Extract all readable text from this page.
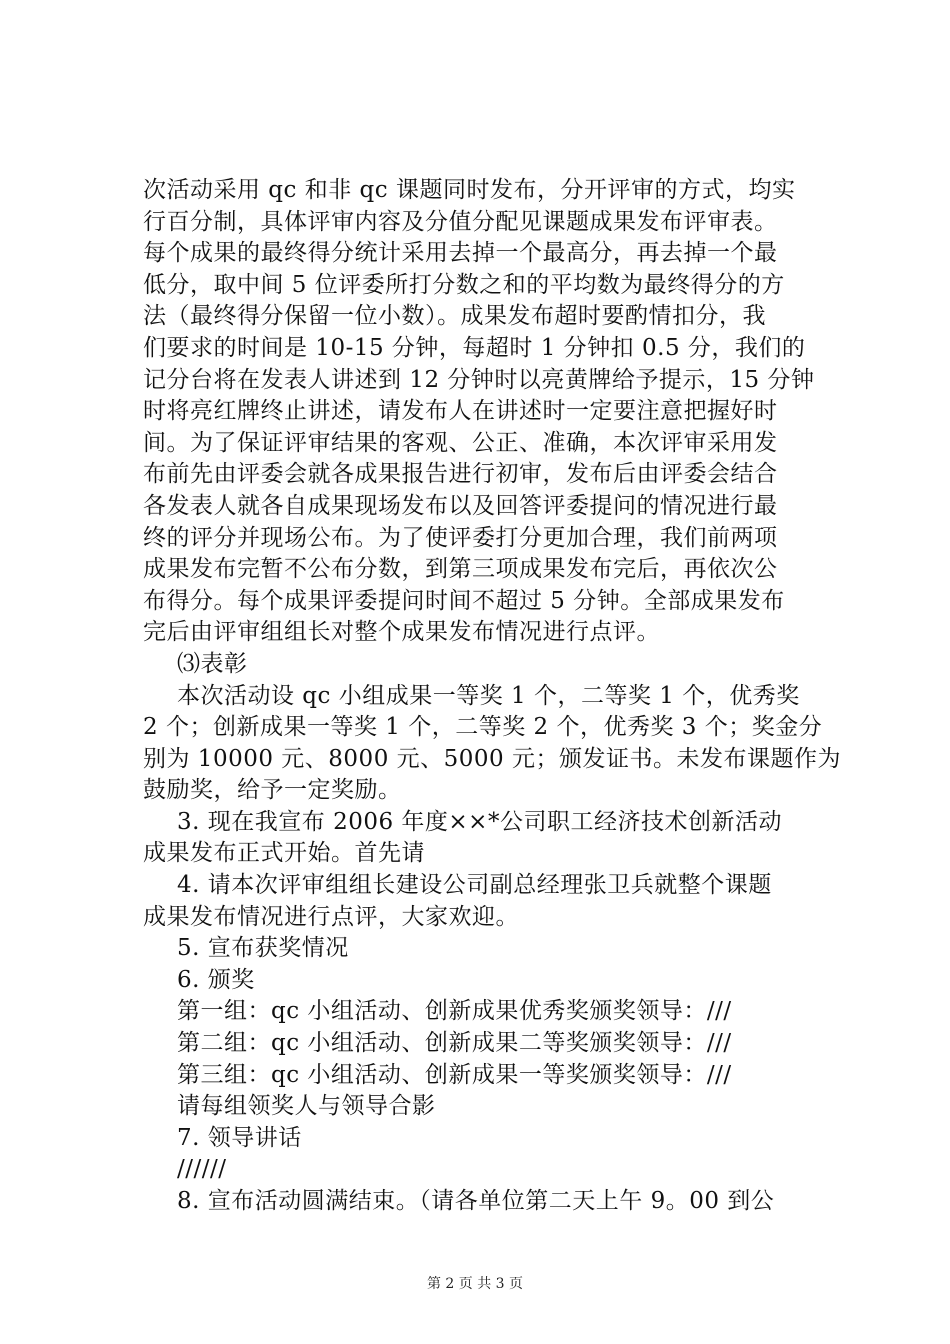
次活动采用 qc 和非 qc 课题同时发布，分开评审的方式，均实
行百分制，具体评审内容及分值分配见课题成果发布评审表。
每个成果的最终得分统计采用去掉一个最高分，再去掉一个最
低分，取中间 5 位评委所打分数之和的平均数为最终得分的方
法（最终得分保留一位小数）。成果发布超时要酌情扣分，我
们要求的时间是 10-15 分钟，每超时 1 分钟扣 0.5 分，我们的
记分台将在发表人讲述到 12 分钟时以亮黄牌给予提示，15 分钟
时将亮红牌终止讲述，请发布人在讲述时一定要注意把握好时
间。为了保证评审结果的客观、公正、准确，本次评审采用发
布前先由评委会就各成果报告进行初审，发布后由评委会结合
各发表人就各自成果现场发布以及回答评委提问的情况进行最
终的评分并现场公布。为了使评委打分更加合理，我们前两项
成果发布完暂不公布分数，到第三项成果发布完后，再依次公
布得分。每个成果评委提问时间不超过 5 分钟。全部成果发布
完后由评审组组长对整个成果发布情况进行点评。
⑶表彰
本次活动设 qc 小组成果一等奖 1 个，二等奖 1 个，优秀奖
2 个；创新成果一等奖 1 个，二等奖 2 个，优秀奖 3 个；奖金分
别为 10000 元、8000 元、5000 元；颁发证书。未发布课题作为
鼓励奖，给予一定奖励。
3. 现在我宣布 2006 年度××*公司职工经济技术创新活动
成果发布正式开始。首先请
4. 请本次评审组组长建设公司副总经理张卫兵就整个课题
成果发布情况进行点评，大家欢迎。
5. 宣布获奖情况
6. 颁奖
第一组：qc 小组活动、创新成果优秀奖颁奖领导：///
第二组：qc 小组活动、创新成果二等奖颁奖领导：///
第三组：qc 小组活动、创新成果一等奖颁奖领导：///
请每组领奖人与领导合影
7. 领导讲话
//////
8. 宣布活动圆满结束。（请各单位第二天上午 9。00 到公
第 2 页 共 3 页
